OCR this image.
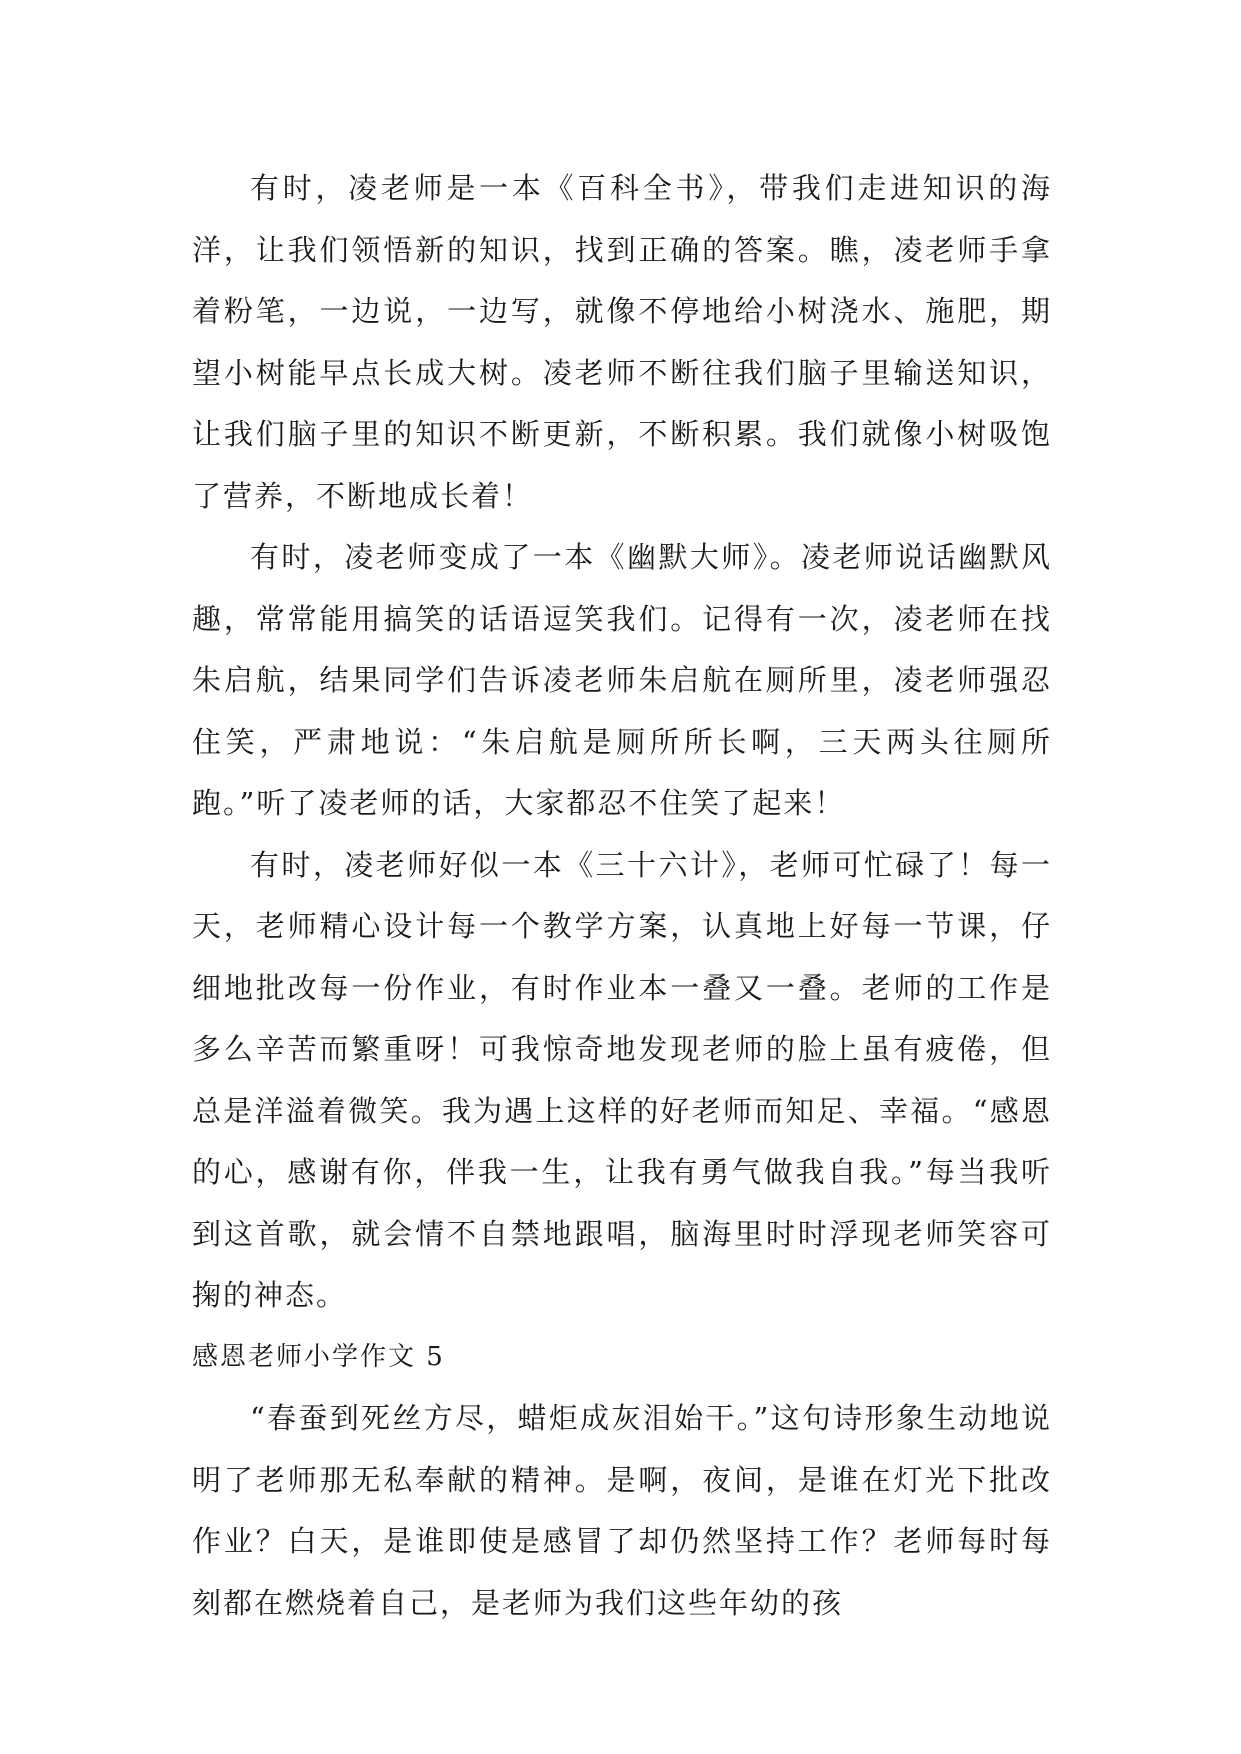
有时，凌老师是一本《百科全书》，带我们走进知识的海洋，让我们领悟新的知识，找到正确的答案。瞧，凌老师手拿着粉笔，一边说，一边写，就像不停地给小树浇水、施肥，期望小树能早点长成大树。凌老师不断往我们脑子里输送知识，让我们脑子里的知识不断更新，不断积累。我们就像小树吸饱了营养，不断地成长着！

有时，凌老师变成了一本《幽默大师》。凌老师说话幽默风趣，常常能用搞笑的话语逗笑我们。记得有一次，凌老师在找朱启航，结果同学们告诉凌老师朱启航在厕所里，凌老师强忍住笑，严肃地说：“朱启航是厕所所长啊，三天两头往厕所跑。”听了凌老师的话，大家都忍不住笑了起来！

有时，凌老师好似一本《三十六计》，老师可忙碌了！每一天，老师精心设计每一个教学方案，认真地上好每一节课，仔细地批改每一份作业，有时作业本一叠又一叠。老师的工作是多么辛苦而繁重呀！可我惊奇地发现老师的脸上虽有疲倦，但总是洋溢着微笑。我为遇上这样的好老师而知足、幸福。“感恩的心，感谢有你，伴我一生，让我有勇气做我自我。”每当我听到这首歌，就会情不自禁地跟唱，脑海里时时浮现老师笑容可掬的神态。

感恩老师小学作文 5

“春蚕到死丝方尽，蜡炬成灰泪始干。”这句诗形象生动地说明了老师那无私奉献的精神。是啊，夜间，是谁在灯光下批改作业？白天，是谁即使是感冒了却仍然坚持工作？老师每时每刻都在燃烧着自己，是老师为我们这些年幼的孩
